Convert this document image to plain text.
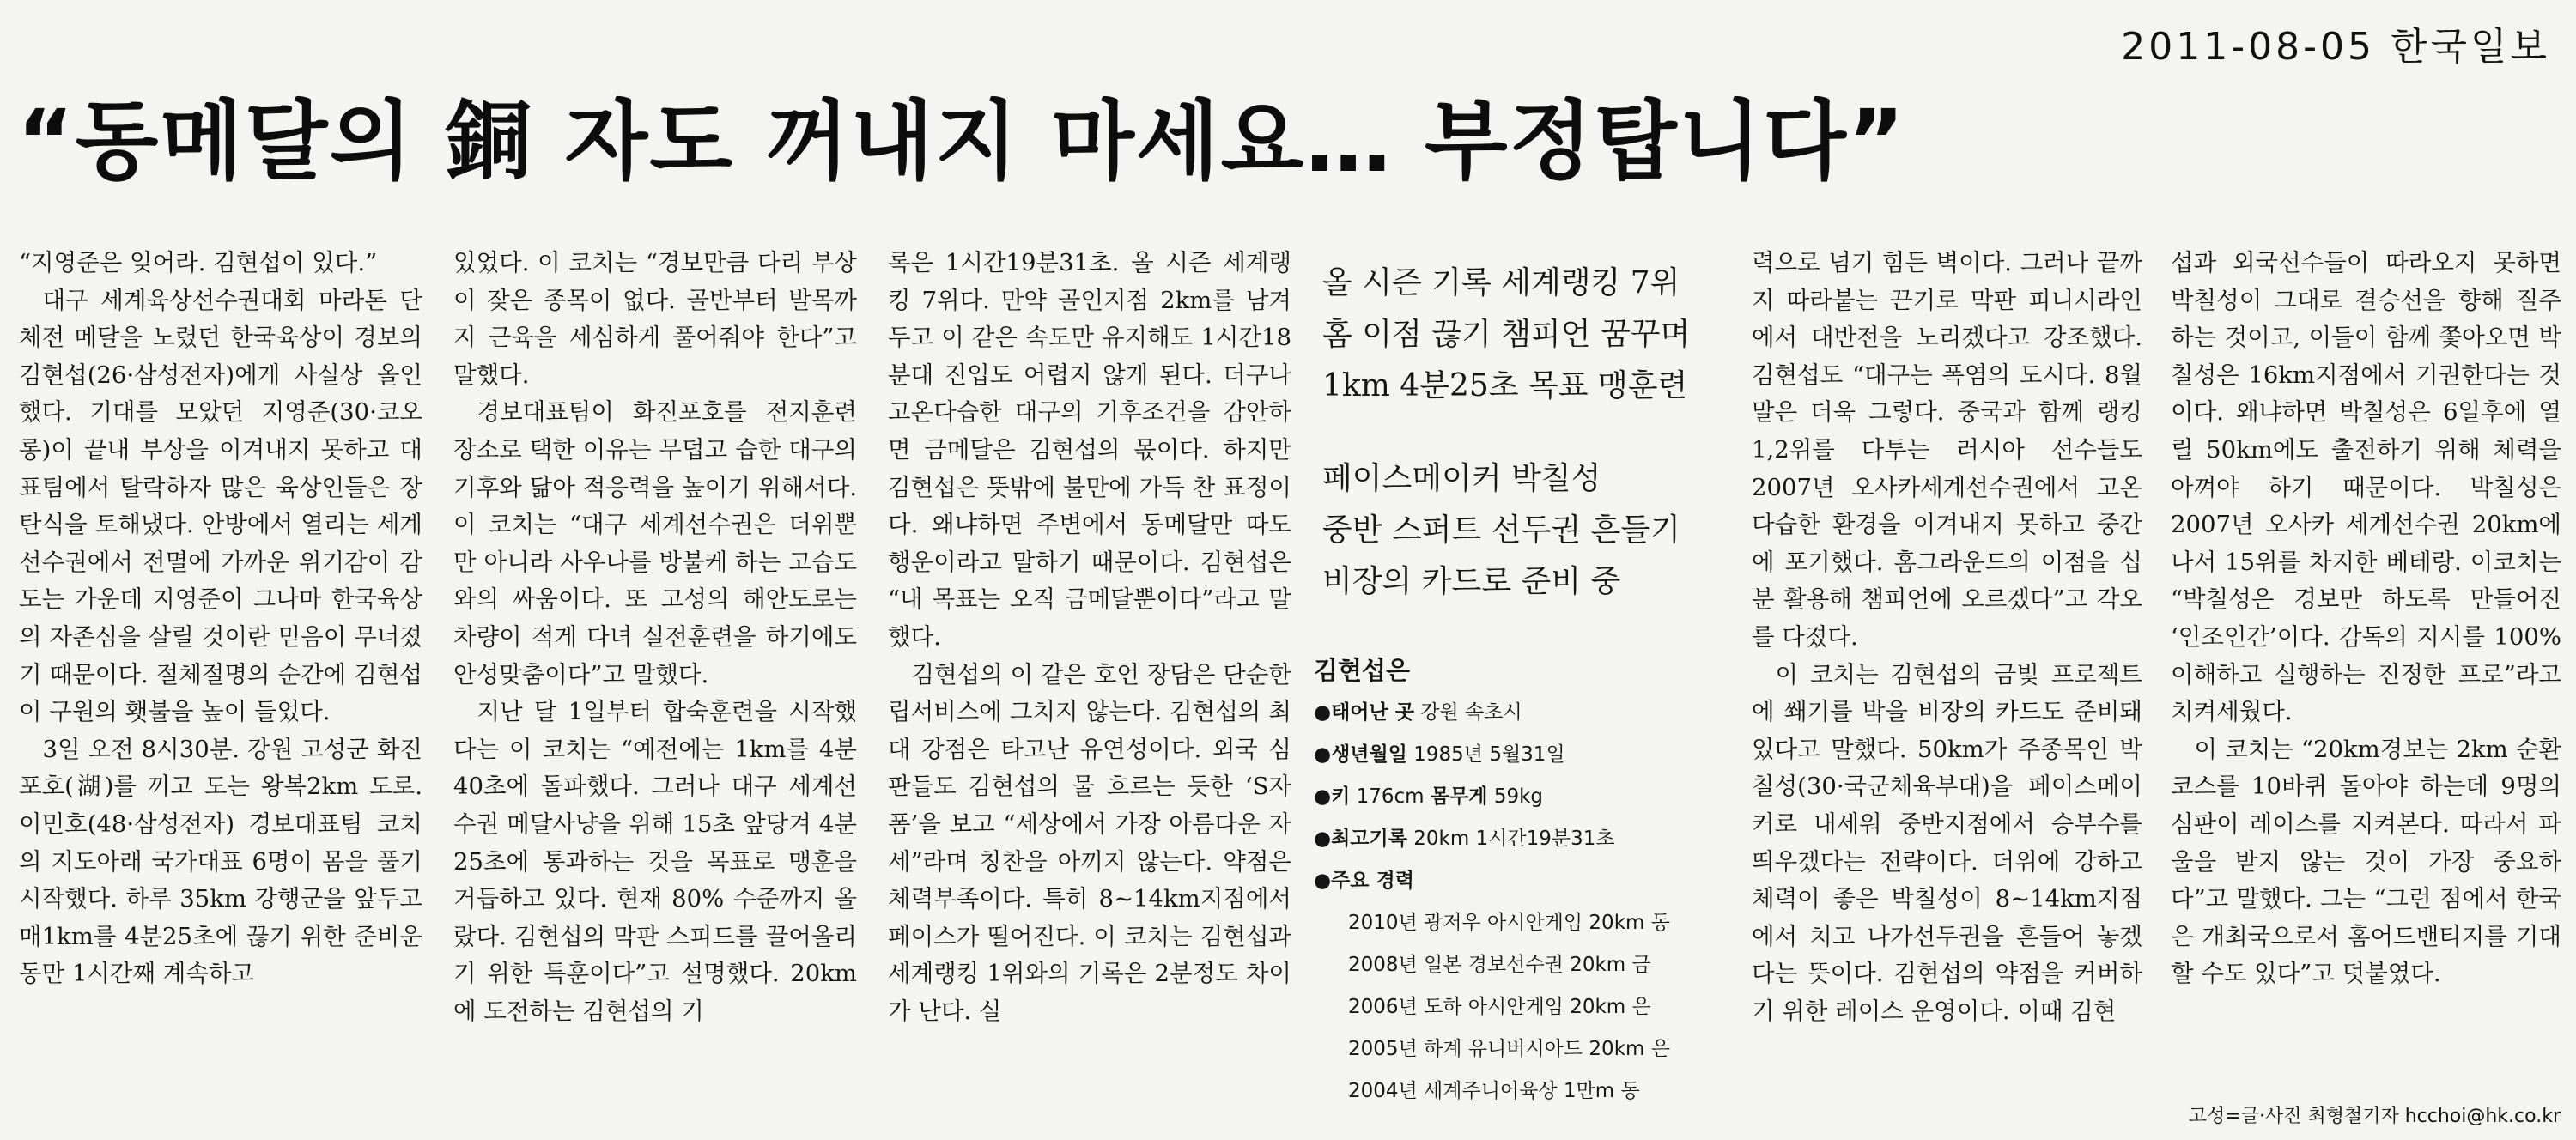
2011-08-05 한국일보
“동메달의 銅 자도 꺼내지 마세요… 부정탑니다”

“지영준은 잊어라. 김현섭이 있다.”

대구 세계육상선수권대회 마라톤 단체전 메달을 노렸던 한국육상이 경보의 김현섭(26·삼성전자)에게 사실상 올인 했다. 기대를 모았던 지영준(30·코오롱)이 끝내 부상을 이겨내지 못하고 대표팀에서 탈락하자 많은 육상인들은 장탄식을 토해냈다. 안방에서 열리는 세계선수권에서 전멸에 가까운 위기감이 감도는 가운데 지영준이 그나마 한국육상의 자존심을 살릴 것이란 믿음이 무너졌기 때문이다. 절체절명의 순간에 김현섭이 구원의 횃불을 높이 들었다.

3일 오전 8시30분. 강원 고성군 화진포호(湖)를 끼고 도는 왕복2km 도로. 이민호(48·삼성전자) 경보대표팀 코치의 지도아래 국가대표 6명이 몸을 풀기 시작했다. 하루 35km 강행군을 앞두고 매1km를 4분25초에 끊기 위한 준비운동만 1시간째 계속하고

있었다. 이 코치는 “경보만큼 다리 부상이 잦은 종목이 없다. 골반부터 발목까지 근육을 세심하게 풀어줘야 한다”고 말했다.

경보대표팀이 화진포호를 전지훈련 장소로 택한 이유는 무덥고 습한 대구의 기후와 닮아 적응력을 높이기 위해서다. 이 코치는 “대구 세계선수권은 더위뿐만 아니라 사우나를 방불케 하는 고습도와의 싸움이다. 또 고성의 해안도로는 차량이 적게 다녀 실전훈련을 하기에도 안성맞춤이다”고 말했다.

지난 달 1일부터 합숙훈련을 시작했다는 이 코치는 “예전에는 1km를 4분40초에 돌파했다. 그러나 대구 세계선수권 메달사냥을 위해 15초 앞당겨 4분25초에 통과하는 것을 목표로 맹훈을 거듭하고 있다. 현재 80% 수준까지 올랐다. 김현섭의 막판 스피드를 끌어올리기 위한 특훈이다”고 설명했다. 20km에 도전하는 김현섭의 기

록은 1시간19분31초. 올 시즌 세계랭킹 7위다. 만약 골인지점 2km를 남겨두고 이 같은 속도만 유지해도 1시간18분대 진입도 어렵지 않게 된다. 더구나 고온다습한 대구의 기후조건을 감안하면 금메달은 김현섭의 몫이다. 하지만 김현섭은 뜻밖에 불만에 가득 찬 표정이다. 왜냐하면 주변에서 동메달만 따도 행운이라고 말하기 때문이다. 김현섭은 “내 목표는 오직 금메달뿐이다”라고 말했다.

김현섭의 이 같은 호언 장담은 단순한 립서비스에 그치지 않는다. 김현섭의 최대 강점은 타고난 유연성이다. 외국 심판들도 김현섭의 물 흐르는 듯한 ‘S자폼’을 보고 “세상에서 가장 아름다운 자세”라며 칭찬을 아끼지 않는다. 약점은 체력부족이다. 특히 8~14km지점에서 페이스가 떨어진다. 이 코치는 김현섭과 세계랭킹 1위와의 기록은 2분정도 차이가 난다. 실

올 시즌 기록 세계랭킹 7위

홈 이점 끊기 챔피언 꿈꾸며

1km 4분25초 목표 맹훈련

페이스메이커 박칠성

중반 스퍼트 선두권 흔들기

비장의 카드로 준비 중

김현섭은
●태어난 곳 강원 속초시
●생년월일 1985년 5월31일
●키 176cm 몸무게 59kg
●최고기록 20km 1시간19분31초
●주요 경력
2010년 광저우 아시안게임 20km 동
2008년 일본 경보선수권 20km 금
2006년 도하 아시안게임 20km 은
2005년 하계 유니버시아드 20km 은
2004년 세계주니어육상 1만m 동

력으로 넘기 힘든 벽이다. 그러나 끝까지 따라붙는 끈기로 막판 피니시라인에서 대반전을 노리겠다고 강조했다. 김현섭도 “대구는 폭염의 도시다. 8월말은 더욱 그렇다. 중국과 함께 랭킹 1,2위를 다투는 러시아 선수들도 2007년 오사카세계선수권에서 고온다습한 환경을 이겨내지 못하고 중간에 포기했다. 홈그라운드의 이점을 십분 활용해 챔피언에 오르겠다”고 각오를 다졌다.

이 코치는 김현섭의 금빛 프로젝트에 쐐기를 박을 비장의 카드도 준비돼 있다고 말했다. 50km가 주종목인 박칠성(30·국군체육부대)을 페이스메이커로 내세워 중반지점에서 승부수를 띄우겠다는 전략이다. 더위에 강하고 체력이 좋은 박칠성이 8~14km지점에서 치고 나가선두권을 흔들어 놓겠다는 뜻이다. 김현섭의 약점을 커버하기 위한 레이스 운영이다. 이때 김현

섭과 외국선수들이 따라오지 못하면 박칠성이 그대로 결승선을 향해 질주하는 것이고, 이들이 함께 쫓아오면 박칠성은 16km지점에서 기권한다는 것이다. 왜냐하면 박칠성은 6일후에 열릴 50km에도 출전하기 위해 체력을 아껴야 하기 때문이다. 박칠성은 2007년 오사카 세계선수권 20km에 나서 15위를 차지한 베테랑. 이코치는 “박칠성은 경보만 하도록 만들어진 ‘인조인간’이다. 감독의 지시를 100% 이해하고 실행하는 진정한 프로”라고 치켜세웠다.

이 코치는 “20km경보는 2km 순환코스를 10바퀴 돌아야 하는데 9명의 심판이 레이스를 지켜본다. 따라서 파울을 받지 않는 것이 가장 중요하다”고 말했다. 그는 “그런 점에서 한국은 개최국으로서 홈어드밴티지를 기대할 수도 있다”고 덧붙였다.

고성=글·사진 최형철기자 hcchoi@hk.co.kr
